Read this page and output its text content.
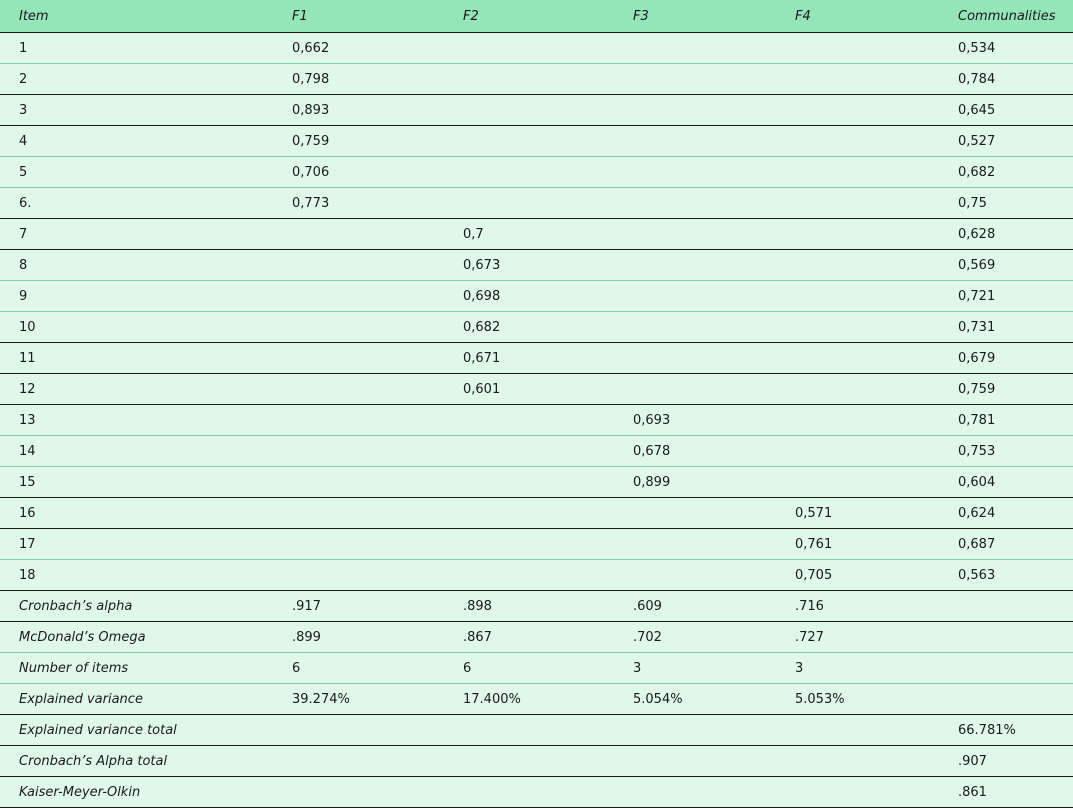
Item	F1	F2	F3	F4	Communalities
1	0,662				0,534
2	0,798				0,784
3	0,893				0,645
4	0,759				0,527
5	0,706				0,682
6.	0,773				0,75
7		0,7			0,628
8		0,673			0,569
9		0,698			0,721
10		0,682			0,731
11		0,671			0,679
12		0,601			0,759
13			0,693		0,781
14			0,678		0,753
15			0,899		0,604
16				0,571	0,624
17				0,761	0,687
18				0,705	0,563
Cronbach’s alpha	.917	.898	.609	.716	
McDonald’s Omega	.899	.867	.702	.727	
Number of items	6	6	3	3	
Explained variance	39.274%	17.400%	5.054%	5.053%	
Explained variance total					66.781%
Cronbach’s Alpha total					.907
Kaiser-Meyer-Olkin					.861
